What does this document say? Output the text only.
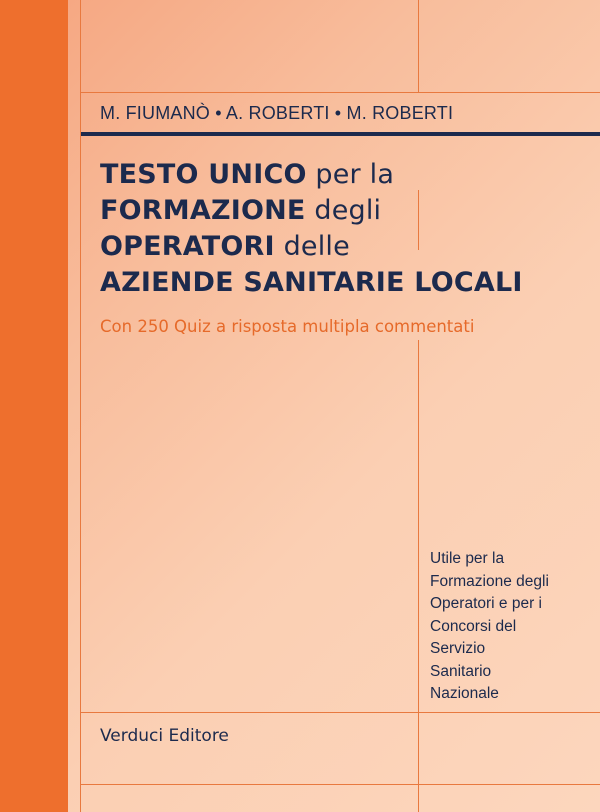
M. FIUMANÒ • A. ROBERTI • M. ROBERTI
TESTO UNICO per la
FORMAZIONE degli
OPERATORI delle
AZIENDE SANITARIE LOCALI
Con 250 Quiz a risposta multipla commentati
Utile per la
Formazione degli
Operatori e per i
Concorsi del
Servizio
Sanitario
Nazionale
Verduci Editore
